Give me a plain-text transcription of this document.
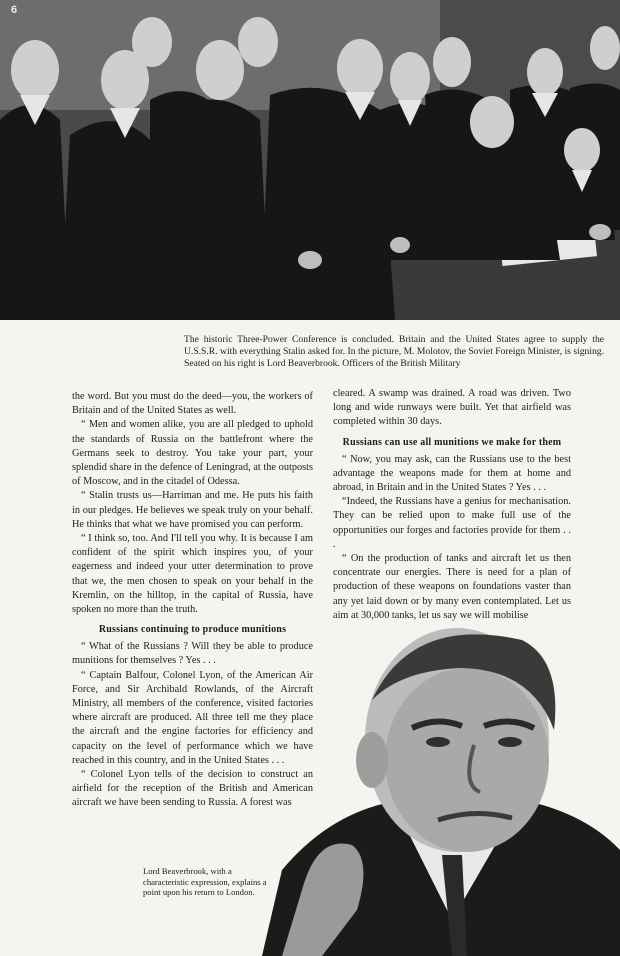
6

The historic Three-Power Conference is concluded. Britain and the United States agree to supply the U.S.S.R. with everything Stalin asked for. In the picture, M. Molotov, the Soviet Foreign Minister, is signing. Seated on his right is Lord Beaverbrook. Officers of the British Military

the word. But you must do the deed—you, the workers of Britain and of the United States as well.

“ Men and women alike, you are all pledged to uphold the standards of Russia on the battlefront where the Germans seek to destroy. You take your part, your splendid share in the defence of Leningrad, at the outposts of Moscow, and in the citadel of Odessa.

“ Stalin trusts us—Harriman and me. He puts his faith in our pledges. He believes we speak truly on your behalf. He thinks that what we have promised you can perform.

“ I think so, too. And I'll tell you why. It is because I am confident of the spirit which inspires you, of your eagerness and indeed your utter determination to prove that we, the men chosen to speak on your behalf in the Kremlin, on the hilltop, in the capital of Russia, have spoken no more than the truth.

Russians continuing to produce munitions

“ What of the Russians ? Will they be able to produce munitions for themselves ? Yes . . .

“ Captain Balfour, Colonel Lyon, of the American Air Force, and Sir Archibald Rowlands, of the Aircraft Ministry, all members of the conference, visited factories where aircraft are produced. All three tell me they place the aircraft and the engine factories for efficiency and capacity on the level of performance which we have reached in this country, and in the United States . . .

“ Colonel Lyon tells of the decision to construct an airfield for the reception of the British and American aircraft we have been sending to Russia. A forest was

cleared. A swamp was drained. A road was driven. Two long and wide runways were built. Yet that airfield was completed within 30 days.

Russians can use all munitions we make for them

“ Now, you may ask, can the Russians use to the best advantage the weapons made for them at home and abroad, in Britain and in the United States ? Yes . . .

“Indeed, the Russians have a genius for mechanisation. They can be relied upon to make full use of the opportunities our forges and factories provide for them . . .

“ On the production of tanks and aircraft let us then concentrate our energies. There is need for a plan of production of these weapons on foundations vaster than any yet laid down or by many even contemplated. Let us aim at 30,000 tanks, let us say we will mobilise

Lord Beaverbrook, with a characteristic expression, explains a point upon his return to London.
